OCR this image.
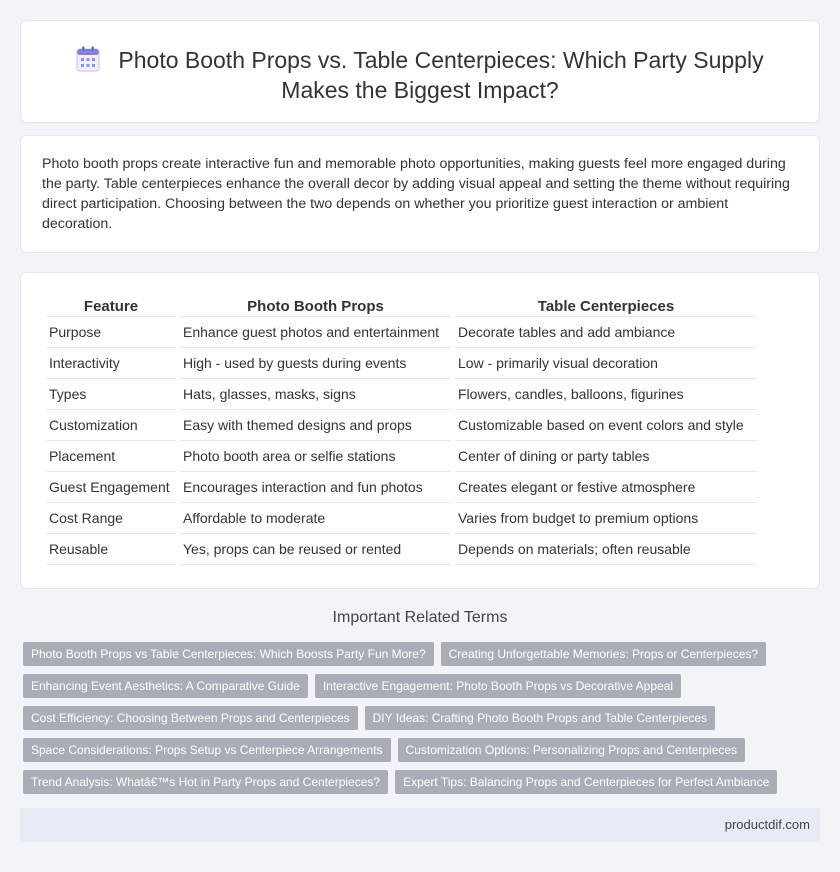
Photo Booth Props vs. Table Centerpieces: Which Party Supply Makes the Biggest Impact?

Photo booth props create interactive fun and memorable photo opportunities, making guests feel more engaged during the party. Table centerpieces enhance the overall decor by adding visual appeal and setting the theme without requiring direct participation. Choosing between the two depends on whether you prioritize guest interaction or ambient decoration.

Feature	Photo Booth Props	Table Centerpieces
Purpose	Enhance guest photos and entertainment	Decorate tables and add ambiance
Interactivity	High - used by guests during events	Low - primarily visual decoration
Types	Hats, glasses, masks, signs	Flowers, candles, balloons, figurines
Customization	Easy with themed designs and props	Customizable based on event colors and style
Placement	Photo booth area or selfie stations	Center of dining or party tables
Guest Engagement	Encourages interaction and fun photos	Creates elegant or festive atmosphere
Cost Range	Affordable to moderate	Varies from budget to premium options
Reusable	Yes, props can be reused or rented	Depends on materials; often reusable
Important Related Terms
Photo Booth Props vs Table Centerpieces: Which Boosts Party Fun More?	Creating Unforgettable Memories: Props or Centerpieces?
Enhancing Event Aesthetics: A Comparative Guide	Interactive Engagement: Photo Booth Props vs Decorative Appeal
Cost Efficiency: Choosing Between Props and Centerpieces	DIY Ideas: Crafting Photo Booth Props and Table Centerpieces
Space Considerations: Props Setup vs Centerpiece Arrangements	Customization Options: Personalizing Props and Centerpieces
Trend Analysis: Whatâ€™s Hot in Party Props and Centerpieces?	Expert Tips: Balancing Props and Centerpieces for Perfect Ambiance
productdif.com
